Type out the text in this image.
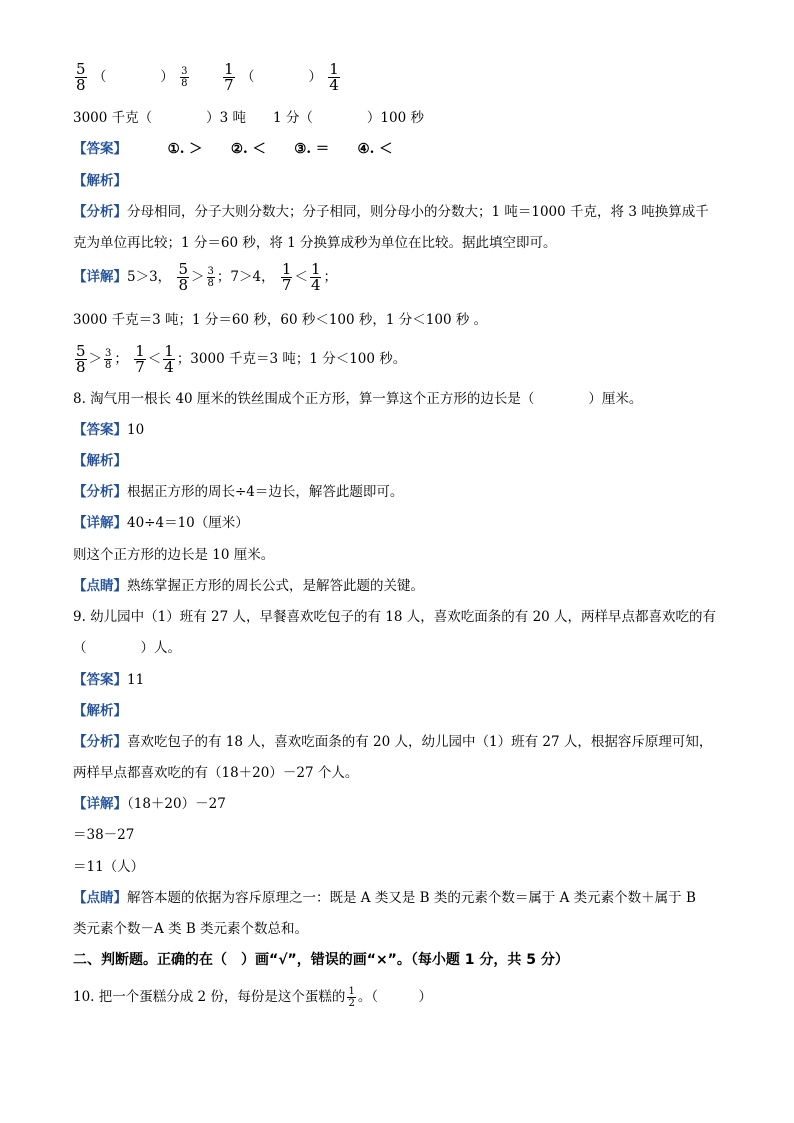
$\frac{5}{8}$ （　　　　） $\frac{3}{8}$
$\frac{1}{7}$ （　　　　） $\frac{1}{4}$
3000 千克（　　　　）3 吨　　1 分（　　　　）100 秒
【答案】	①. ＞ ②. ＜ ③. ＝ ④. ＜
【解析】
【分析】分母相同，分子大则分数大；分子相同，则分母小的分数大；1 吨＝1000 千克，将 3 吨换算成千
克为单位再比较；1 分＝60 秒，将 1 分换算成秒为单位在比较。据此填空即可。
【详解】5＞3， $\frac{5}{8} > \frac{3}{8}$ ；7＞4， $\frac{1}{7} < \frac{1}{4}$ ；
3000 千克＝3 吨；1 分＝60 秒，60 秒＜100 秒，1 分＜100 秒 。
$\frac{5}{8} > \frac{3}{8}$ ； $\frac{1}{7} < \frac{1}{4}$ ；3000 千克＝3 吨；1 分＜100 秒。
8. 淘气用一根长 40 厘米的铁丝围成个正方形，算一算这个正方形的边长是（　　　　）厘米。
【答案】10
【解析】
【分析】根据正方形的周长÷4＝边长，解答此题即可。
【详解】40÷4＝10（厘米）
则这个正方形的边长是 10 厘米。
【点睛】熟练掌握正方形的周长公式，是解答此题的关键。
9. 幼儿园中（1）班有 27 人，早餐喜欢吃包子的有 18 人，喜欢吃面条的有 20 人，两样早点都喜欢吃的有
（　　　　）人。
【答案】11
【解析】
【分析】喜欢吃包子的有 18 人，喜欢吃面条的有 20 人，幼儿园中（1）班有 27 人，根据容斥原理可知，
两样早点都喜欢吃的有（18＋20）－27 个人。
【详解】（18＋20）－27
＝38－27
＝11（人）
【点睛】解答本题的依据为容斥原理之一：既是 A 类又是 B 类的元素个数＝属于 A 类元素个数＋属于 B
类元素个数－A 类 B 类元素个数总和。
二、判断题。正确的在（　）画“√”，错误的画“×”。（每小题 1 分，共 5 分）
10. 把一个蛋糕分成 2 份，每份是这个蛋糕的 $\frac{1}{2}$ 。（　　　）
